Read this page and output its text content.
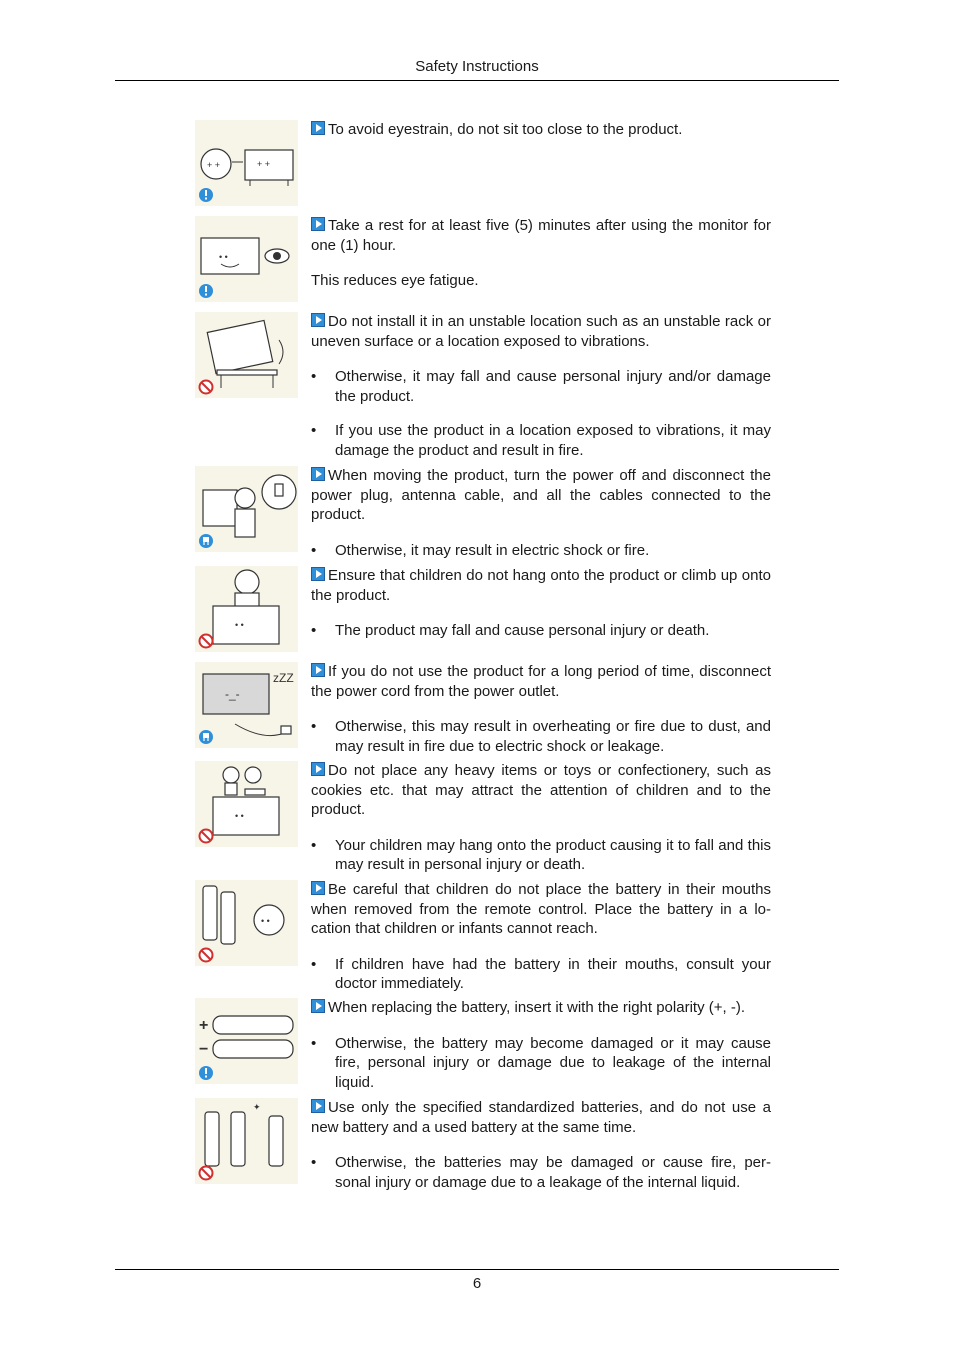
Safety Instructions
+ +	+ +

To avoid eyestrain, do not sit too close to the product.

• •

Take a rest for at least five (5) minutes after using the monitor for one (1) hour.

This reduces eye fatigue.

Do not install it in an unstable location such as an unstable rack or uneven surface or a location exposed to vibrations.

•	Otherwise, it may fall and cause personal injury and/or damage the product.
•	If you use the product in a location exposed to vibrations, it may damage the product and result in fire.

When moving the product, turn the power off and disconnect the power plug, antenna cable, and all the cables connected to the product.

•	Otherwise, it may result in electric shock or fire.
• •

Ensure that children do not hang onto the product or climb up onto the product.

•	The product may fall and cause personal injury or death.
-_-
zZZ	If you do not use the product for a long period of time, disconnect the power cord from the power outlet.

•	Otherwise, this may result in overheating or fire due to dust, and may result in fire due to electric shock or leakage.
• •

Do not place any heavy items or toys or confectionery, such as cookies etc. that may attract the attention of children and to the product.

•	Your children may hang onto the product causing it to fall and this may result in personal injury or death.
• •

Be careful that children do not place the battery in their mouths when removed from the remote control. Place the battery in a lo-cation that children or infants cannot reach.

•	If children have had the battery in their mouths, consult your doctor immediately.
+
−

When replacing the battery, insert it with the right polarity (+, -).

•	Otherwise, the battery may become damaged or it may cause fire, personal injury or damage due to leakage of the internal liquid.
✦	Use only the specified standardized batteries, and do not use a new battery and a used battery at the same time.

•	Otherwise, the batteries may be damaged or cause fire, per-sonal injury or damage due to a leakage of the internal liquid.
6
